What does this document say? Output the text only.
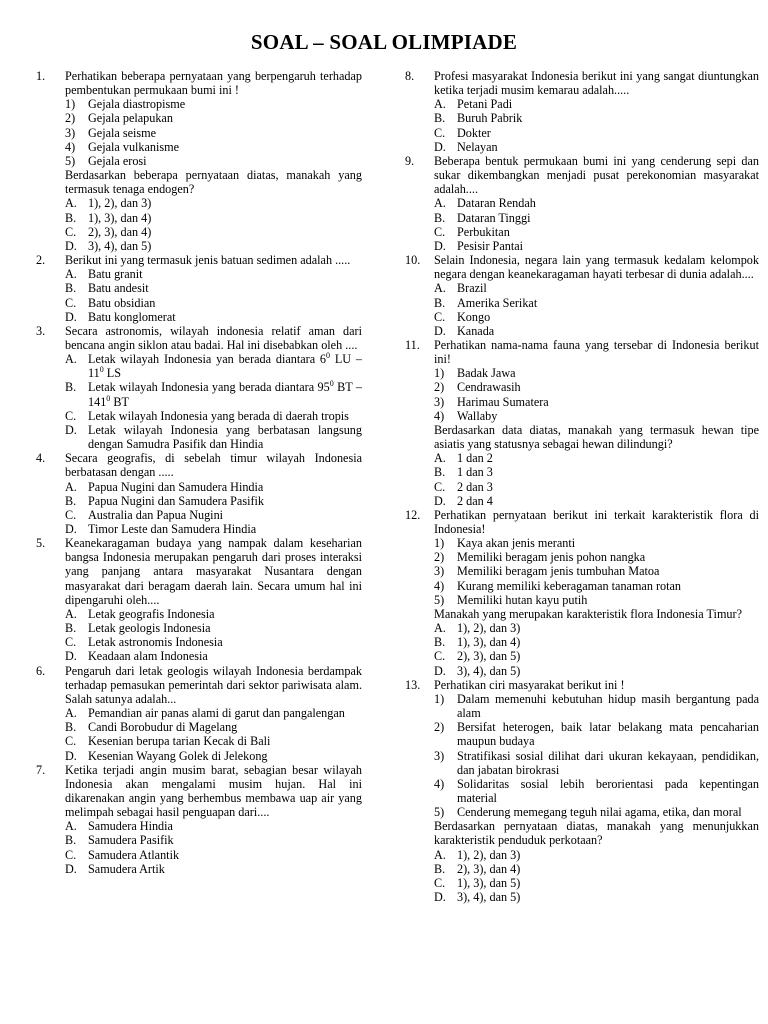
SOAL – SOAL OLIMPIADE
1. Perhatikan beberapa pernyataan yang berpengaruh terhadap pembentukan permukaan bumi ini !
1) Gejala diastropisme
2) Gejala pelapukan
3) Gejala seisme
4) Gejala vulkanisme
5) Gejala erosi
Berdasarkan beberapa pernyataan diatas, manakah yang termasuk tenaga endogen?
A. 1), 2), dan 3)
B. 1), 3), dan 4)
C. 2), 3), dan 4)
D. 3), 4), dan 5)
2. Berikut ini yang termasuk jenis batuan sedimen adalah .....
A. Batu granit
B. Batu andesit
C. Batu obsidian
D. Batu konglomerat
3. Secara astronomis, wilayah indonesia relatif aman dari bencana angin siklon atau badai. Hal ini disebabkan oleh ....
A. Letak wilayah Indonesia yan berada diantara $6^0$ LU – $11^0$ LS
B. Letak wilayah Indonesia yang berada diantara $95^0$ BT – $141^0$ BT
C. Letak wilayah Indonesia yang berada di daerah tropis
D. Letak wilayah Indonesia yang berbatasan langsung dengan Samudra Pasifik dan Hindia
4. Secara geografis, di sebelah timur wilayah Indonesia berbatasan dengan .....
A. Papua Nugini dan Samudera Hindia
B. Papua Nugini dan Samudera Pasifik
C. Australia dan Papua Nugini
D. Timor Leste dan Samudera Hindia
5. Keanekaragaman budaya yang nampak dalam keseharian bangsa Indonesia merupakan pengaruh dari proses interaksi yang panjang antara masyarakat Nusantara dengan masyarakat dari beragam daerah lain. Secara umum hal ini dipengaruhi oleh....
A. Letak geografis Indonesia
B. Letak geologis Indonesia
C. Letak astronomis Indonesia
D. Keadaan alam Indonesia
6. Pengaruh dari letak geologis wilayah Indonesia berdampak terhadap pemasukan pemerintah dari sektor pariwisata alam. Salah satunya adalah...
A. Pemandian air panas alami di garut dan pangalengan
B. Candi Borobudur di Magelang
C. Kesenian berupa tarian Kecak di Bali
D. Kesenian Wayang Golek di Jelekong
7. Ketika terjadi angin musim barat, sebagian besar wilayah Indonesia akan mengalami musim hujan. Hal ini dikarenakan angin yang berhembus membawa uap air yang melimpah sebagai hasil penguapan dari....
A. Samudera Hindia
B. Samudera Pasifik
C. Samudera Atlantik
D. Samudera Artik
8. Profesi masyarakat Indonesia berikut ini yang sangat diuntungkan ketika terjadi musim kemarau adalah.....
A. Petani Padi
B. Buruh Pabrik
C. Dokter
D. Nelayan
9. Beberapa bentuk permukaan bumi ini yang cenderung sepi dan sukar dikembangkan menjadi pusat perekonomian masyarakat adalah....
A. Dataran Rendah
B. Dataran Tinggi
C. Perbukitan
D. Pesisir Pantai
10. Selain Indonesia, negara lain yang termasuk kedalam kelompok negara dengan keanekaragaman hayati terbesar di dunia adalah....
A. Brazil
B. Amerika Serikat
C. Kongo
D. Kanada
11. Perhatikan nama-nama fauna yang tersebar di Indonesia berikut ini!
1) Badak Jawa
2) Cendrawasih
3) Harimau Sumatera
4) Wallaby
Berdasarkan data diatas, manakah yang termasuk hewan tipe asiatis yang statusnya sebagai hewan dilindungi?
A. 1 dan 2
B. 1 dan 3
C. 2 dan 3
D. 2 dan 4
12. Perhatikan pernyataan berikut ini terkait karakteristik flora di Indonesia!
1) Kaya akan jenis meranti
2) Memiliki beragam jenis pohon nangka
3) Memiliki beragam jenis tumbuhan Matoa
4) Kurang memiliki keberagaman tanaman rotan
5) Memiliki hutan kayu putih
Manakah yang merupakan karakteristik flora Indonesia Timur?
A. 1), 2), dan 3)
B. 1), 3), dan 4)
C. 2), 3), dan 5)
D. 3), 4), dan 5)
13. Perhatikan ciri masyarakat berikut ini !
1) Dalam memenuhi kebutuhan hidup masih bergantung pada alam
2) Bersifat heterogen, baik latar belakang mata pencaharian maupun budaya
3) Stratifikasi sosial dilihat dari ukuran kekayaan, pendidikan, dan jabatan birokrasi
4) Solidaritas sosial lebih berorientasi pada kepentingan material
5) Cenderung memegang teguh nilai agama, etika, dan moral
Berdasarkan pernyataan diatas, manakah yang menunjukkan karakteristik penduduk perkotaan?
A. 1), 2), dan 3)
B. 2), 3), dan 4)
C. 1), 3), dan 5)
D. 3), 4), dan 5)
